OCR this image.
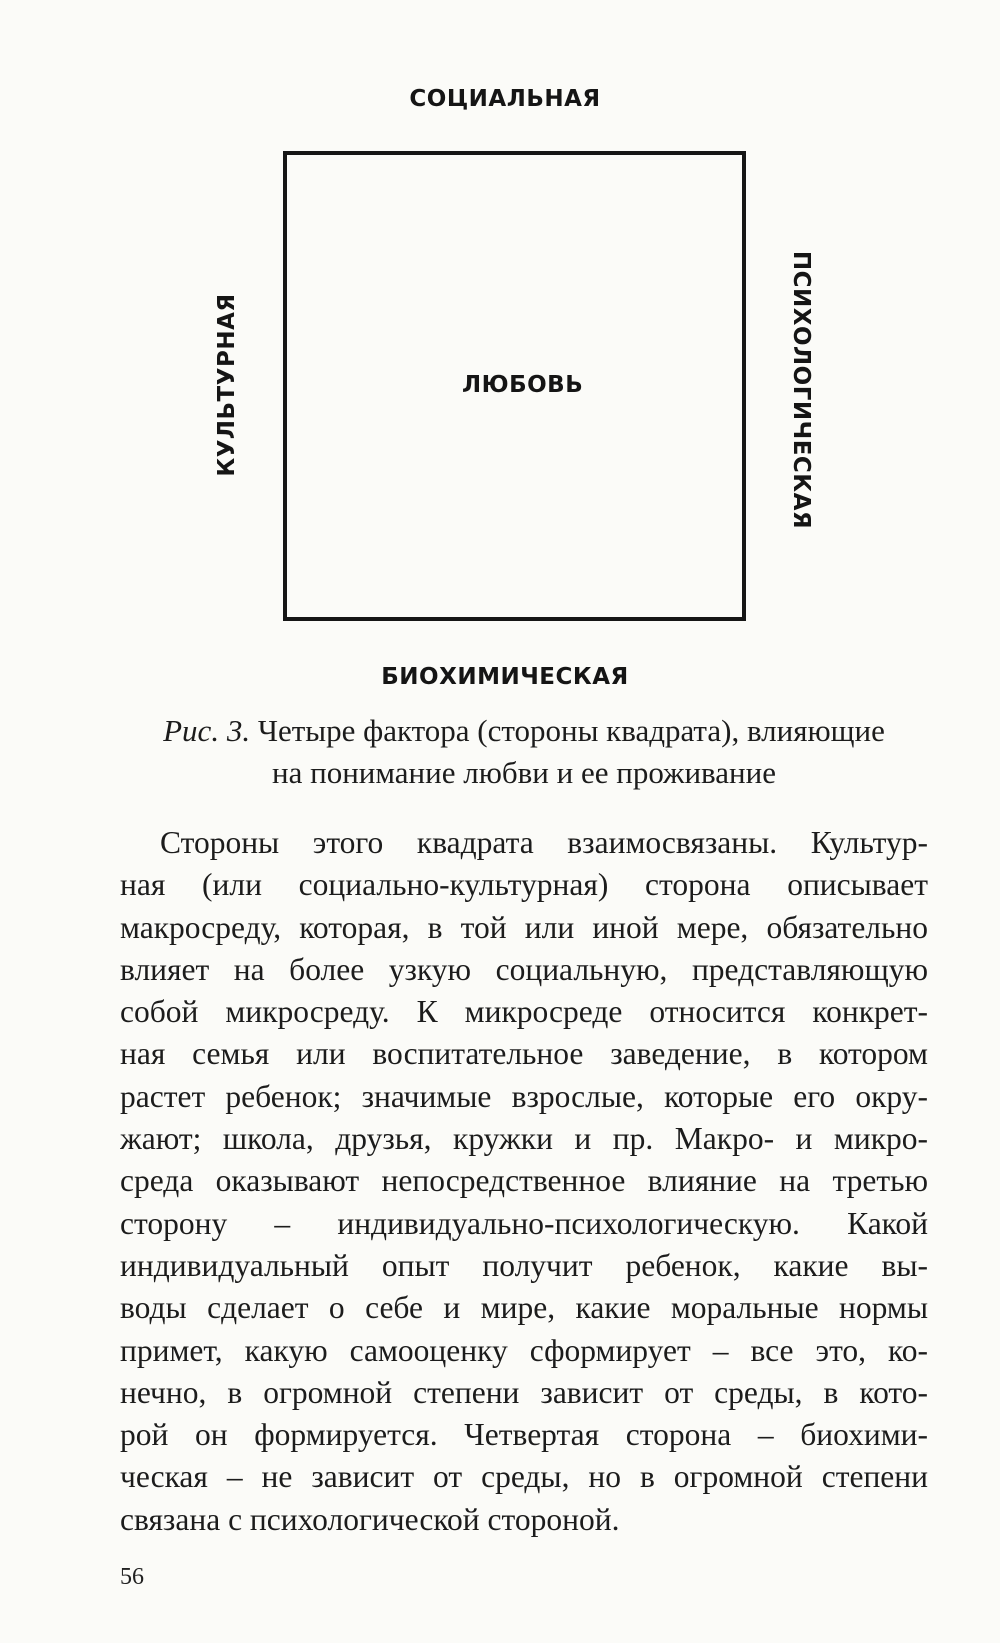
СОЦИАЛЬНАЯ
КУЛЬТУРНАЯ	ПСИХОЛОГИЧЕСКАЯ
ЛЮБОВЬ
БИОХИМИЧЕСКАЯ
Рис. 3. Четыре фактора (стороны квадрата), влияющие
на понимание любви и ее проживание
Стороны этого квадрата взаимосвязаны. Культур-
ная (или социально-культурная) сторона описывает
макросреду, которая, в той или иной мере, обязательно
влияет на более узкую социальную, представляющую
собой микросреду. К микросреде относится конкрет-
ная семья или воспитательное заведение, в котором
растет ребенок; значимые взрослые, которые его окру-
жают; школа, друзья, кружки и пр. Макро- и микро-
среда оказывают непосредственное влияние на третью
сторону – индивидуально-психологическую. Какой
индивидуальный опыт получит ребенок, какие вы-
воды сделает о себе и мире, какие моральные нормы
примет, какую самооценку сформирует – все это, ко-
нечно, в огромной степени зависит от среды, в кото-
рой он формируется. Четвертая сторона – биохими-
ческая – не зависит от среды, но в огромной степени
связана с психологической стороной.
56
